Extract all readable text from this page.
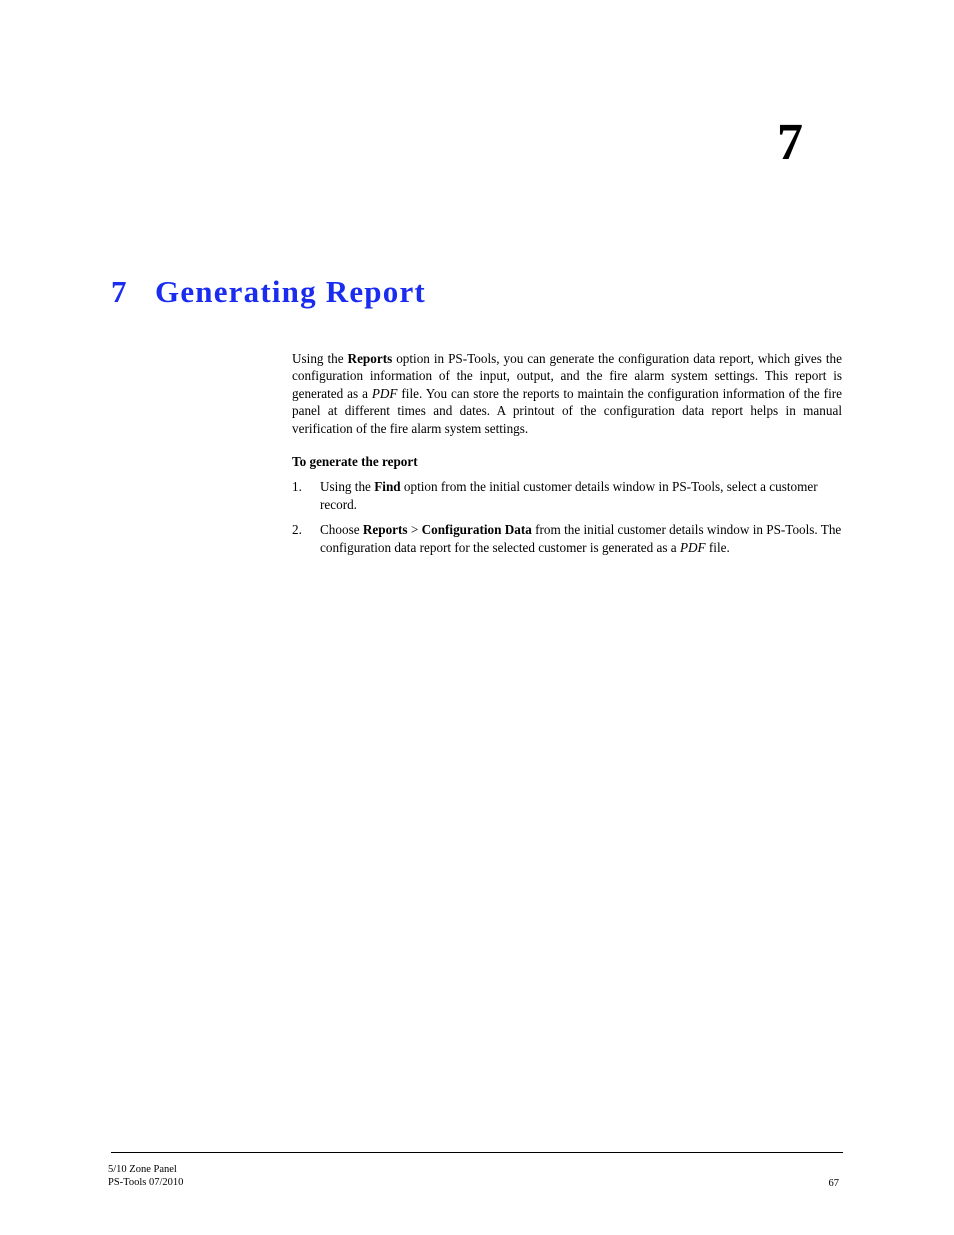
7
7 Generating Report

Using the Reports option in PS-Tools, you can generate the configuration data report, which gives the configuration information of the input, output, and the fire alarm system settings. This report is generated as a PDF file. You can store the reports to maintain the configuration information of the fire panel at different times and dates. A printout of the configuration data report helps in manual verification of the fire alarm system settings.

To generate the report

1. Using the Find option from the initial customer details window in PS-Tools, select a customer record.
2. Choose Reports > Configuration Data from the initial customer details window in PS-Tools. The configuration data report for the selected customer is generated as a PDF file.
5/10 Zone Panel
PS-Tools 07/2010	67
